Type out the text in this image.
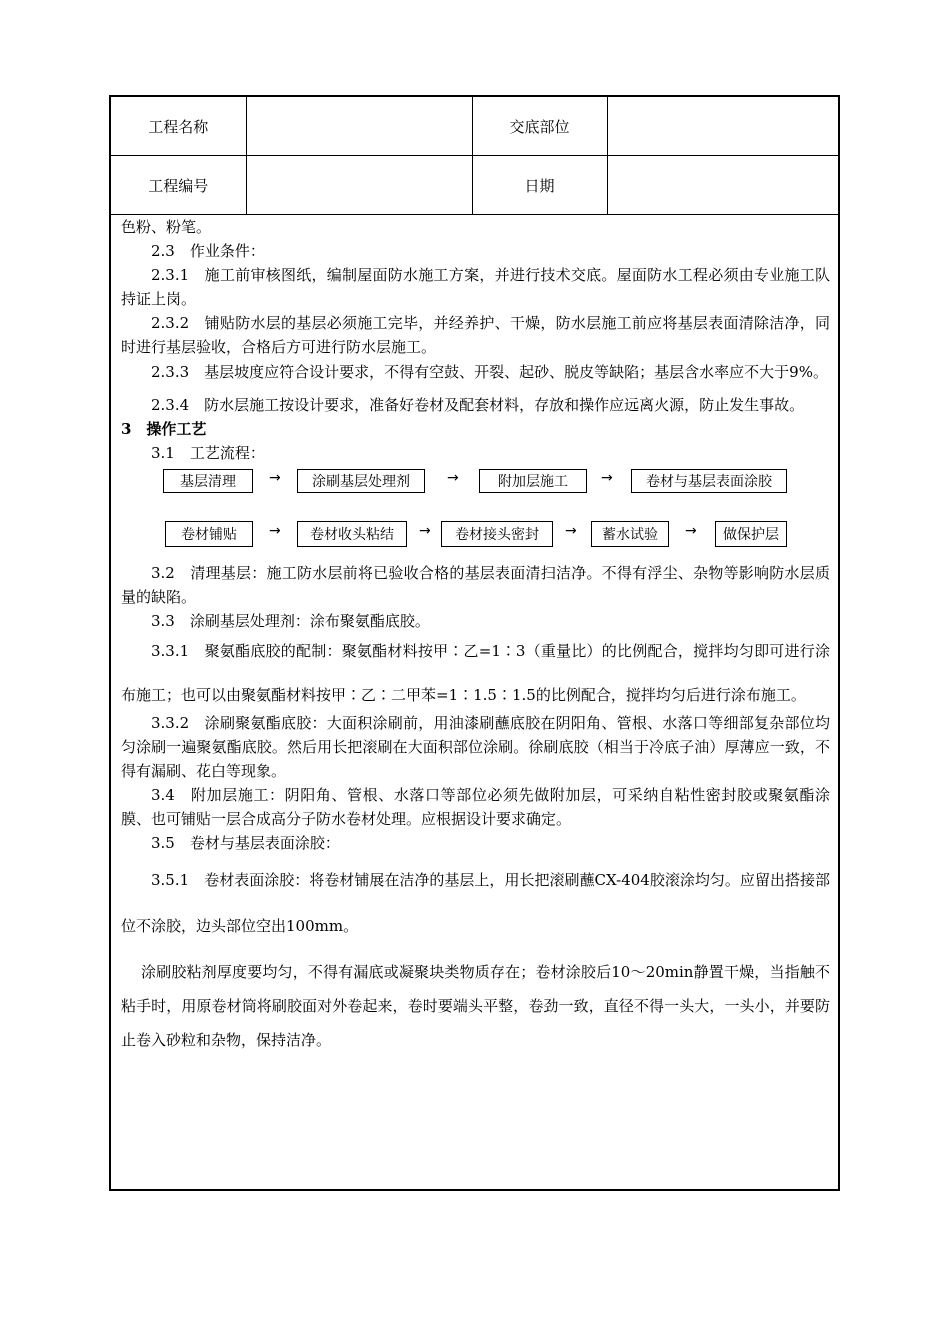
工程名称		交底部位	
工程编号		日期	

色粉、粉笔。

2.3　作业条件：

2.3.1　施工前审核图纸，编制屋面防水施工方案，并进行技术交底。屋面防水工程必须由专业施工队持证上岗。

2.3.2　铺贴防水层的基层必须施工完毕，并经养护、干燥，防水层施工前应将基层表面清除洁净，同时进行基层验收，合格后方可进行防水层施工。

2.3.3　基层坡度应符合设计要求，不得有空鼓、开裂、起砂、脱皮等缺陷；基层含水率应不大于9%。

2.3.4　防水层施工按设计要求，准备好卷材及配套材料，存放和操作应远离火源，防止发生事故。

3　操作工艺

3.1　工艺流程：

基层清理	→	涂刷基层处理剂	→	附加层施工	→	卷材与基层表面涂胶
卷材铺贴	→	卷材收头粘结	→	卷材接头密封	→	蓄水试验	→	做保护层

3.2　清理基层：施工防水层前将已验收合格的基层表面清扫洁净。不得有浮尘、杂物等影响防水层质量的缺陷。

3.3　涂刷基层处理剂：涂布聚氨酯底胶。

3.3.1　聚氨酯底胶的配制：聚氨酯材料按甲∶乙=1∶3（重量比）的比例配合，搅拌均匀即可进行涂布施工；也可以由聚氨酯材料按甲∶乙∶二甲苯=1∶1.5∶1.5的比例配合，搅拌均匀后进行涂布施工。

3.3.2　涂刷聚氨酯底胶：大面积涂刷前，用油漆刷蘸底胶在阴阳角、管根、水落口等细部复杂部位均匀涂刷一遍聚氨酯底胶。然后用长把滚刷在大面积部位涂刷。徐刷底胶（相当于冷底子油）厚薄应一致，不得有漏刷、花白等现象。

3.4　附加层施工：阴阳角、管根、水落口等部位必须先做附加层，可采纳自粘性密封胶或聚氨酯涂膜、也可铺贴一层合成高分子防水卷材处理。应根据设计要求确定。

3.5　卷材与基层表面涂胶：

3.5.1　卷材表面涂胶：将卷材铺展在洁净的基层上，用长把滚刷蘸CX-404胶滚涂均匀。应留出搭接部位不涂胶，边头部位空出100mm。

涂刷胶粘剂厚度要均匀，不得有漏底或凝聚块类物质存在；卷材涂胶后10～20min静置干燥，当指触不粘手时，用原卷材筒将刷胶面对外卷起来，卷时要端头平整，卷劲一致，直径不得一头大，一头小，并要防止卷入砂粒和杂物，保持洁净。
